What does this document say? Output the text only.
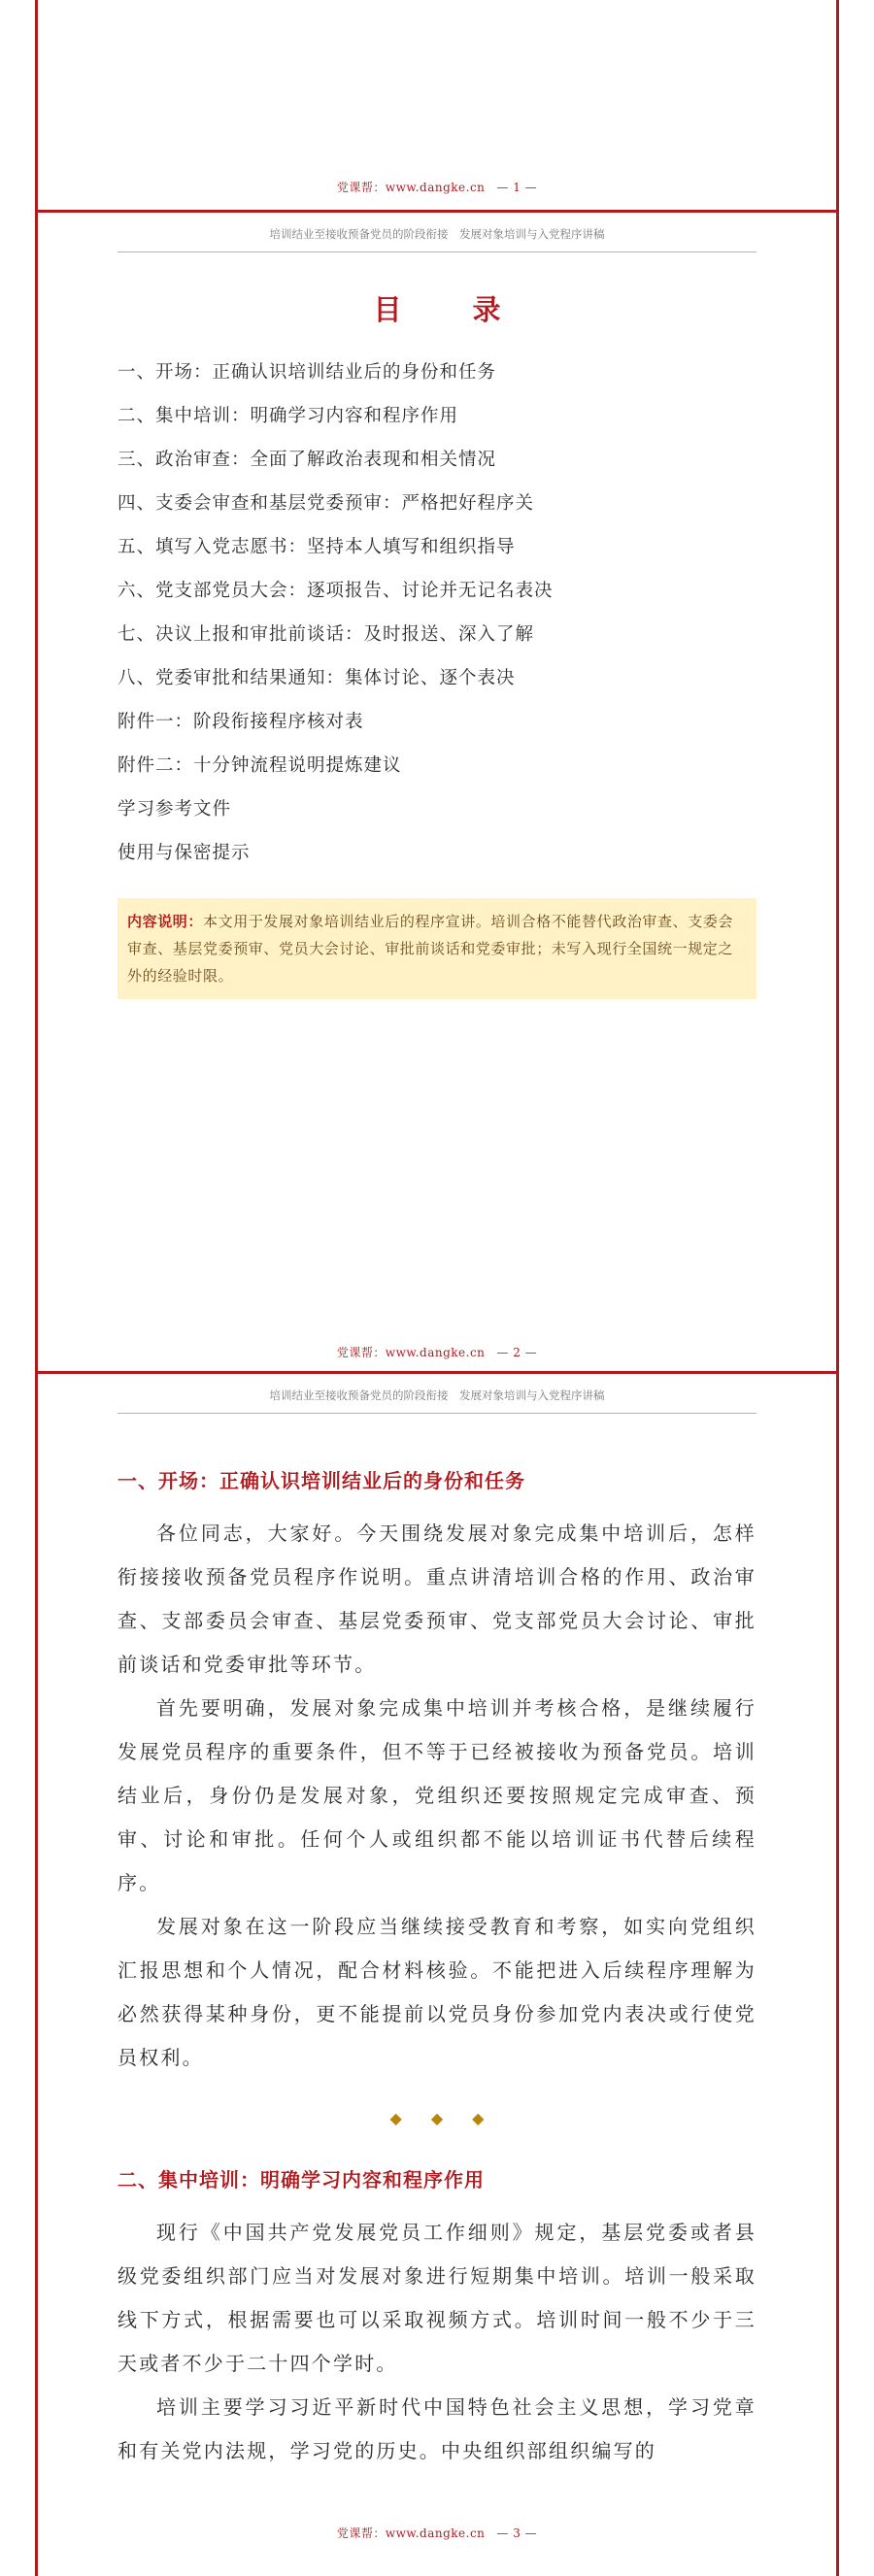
党课帮：www.dangke.cn — 1 —
培训结业至接收预备党员的阶段衔接　发展对象培训与入党程序讲稿
目　录
一、开场：正确认识培训结业后的身份和任务
二、集中培训：明确学习内容和程序作用
三、政治审查：全面了解政治表现和相关情况
四、支委会审查和基层党委预审：严格把好程序关
五、填写入党志愿书：坚持本人填写和组织指导
六、党支部党员大会：逐项报告、讨论并无记名表决
七、决议上报和审批前谈话：及时报送、深入了解
八、党委审批和结果通知：集体讨论、逐个表决
附件一：阶段衔接程序核对表
附件二：十分钟流程说明提炼建议
学习参考文件
使用与保密提示
内容说明：本文用于发展对象培训结业后的程序宣讲。培训合格不能替代政治审查、支委会审查、基层党委预审、党员大会讨论、审批前谈话和党委审批；未写入现行全国统一规定之外的经验时限。
党课帮：www.dangke.cn — 2 —
培训结业至接收预备党员的阶段衔接　发展对象培训与入党程序讲稿
一、开场：正确认识培训结业后的身份和任务

各位同志，大家好。今天围绕发展对象完成集中培训后，怎样衔接接收预备党员程序作说明。重点讲清培训合格的作用、政治审查、支部委员会审查、基层党委预审、党支部党员大会讨论、审批前谈话和党委审批等环节。

首先要明确，发展对象完成集中培训并考核合格，是继续履行发展党员程序的重要条件，但不等于已经被接收为预备党员。培训结业后，身份仍是发展对象，党组织还要按照规定完成审查、预审、讨论和审批。任何个人或组织都不能以培训证书代替后续程序。

发展对象在这一阶段应当继续接受教育和考察，如实向党组织汇报思想和个人情况，配合材料核验。不能把进入后续程序理解为必然获得某种身份，更不能提前以党员身份参加党内表决或行使党员权利。

◆◆◆
二、集中培训：明确学习内容和程序作用

现行《中国共产党发展党员工作细则》规定，基层党委或者县级党委组织部门应当对发展对象进行短期集中培训。培训一般采取线下方式，根据需要也可以采取视频方式。培训时间一般不少于三天或者不少于二十四个学时。

培训主要学习习近平新时代中国特色社会主义思想，学习党章和有关党内法规，学习党的历史。中央组织部组织编写的

党课帮：www.dangke.cn — 3 —
